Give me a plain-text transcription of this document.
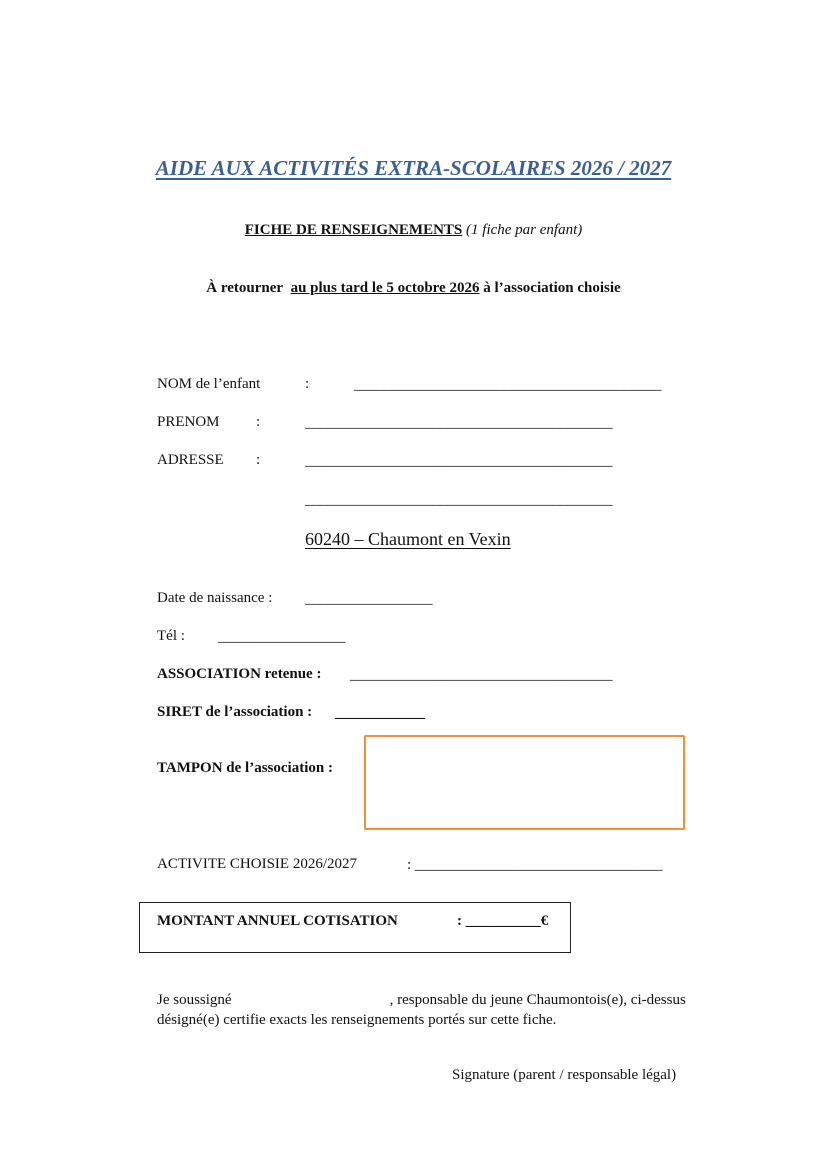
AIDE AUX ACTIVITÉS EXTRA-SCOLAIRES 2026 / 2027
FICHE DE RENSEIGNEMENTS (1 fiche par enfant)
À retourner au plus tard le 5 octobre 2026 à l’association choisie
NOM de l’enfant	:	_________________________________________
PRENOM :	_________________________________________
ADRESSE :	_________________________________________
_________________________________________
60240 – Chaumont en Vexin
Date de naissance : _________________
Tél : _________________
ASSOCIATION retenue : ___________________________________
SIRET de l’association : ____________
TAMPON de l’association :
ACTIVITE CHOISIE 2026/2027	: _________________________________
MONTANT ANNUEL COTISATION	: __________€
Je soussigné	, responsable du jeune Chaumontois(e), ci-dessus
désigné(e) certifie exacts les renseignements portés sur cette fiche.
Signature (parent / responsable légal)
